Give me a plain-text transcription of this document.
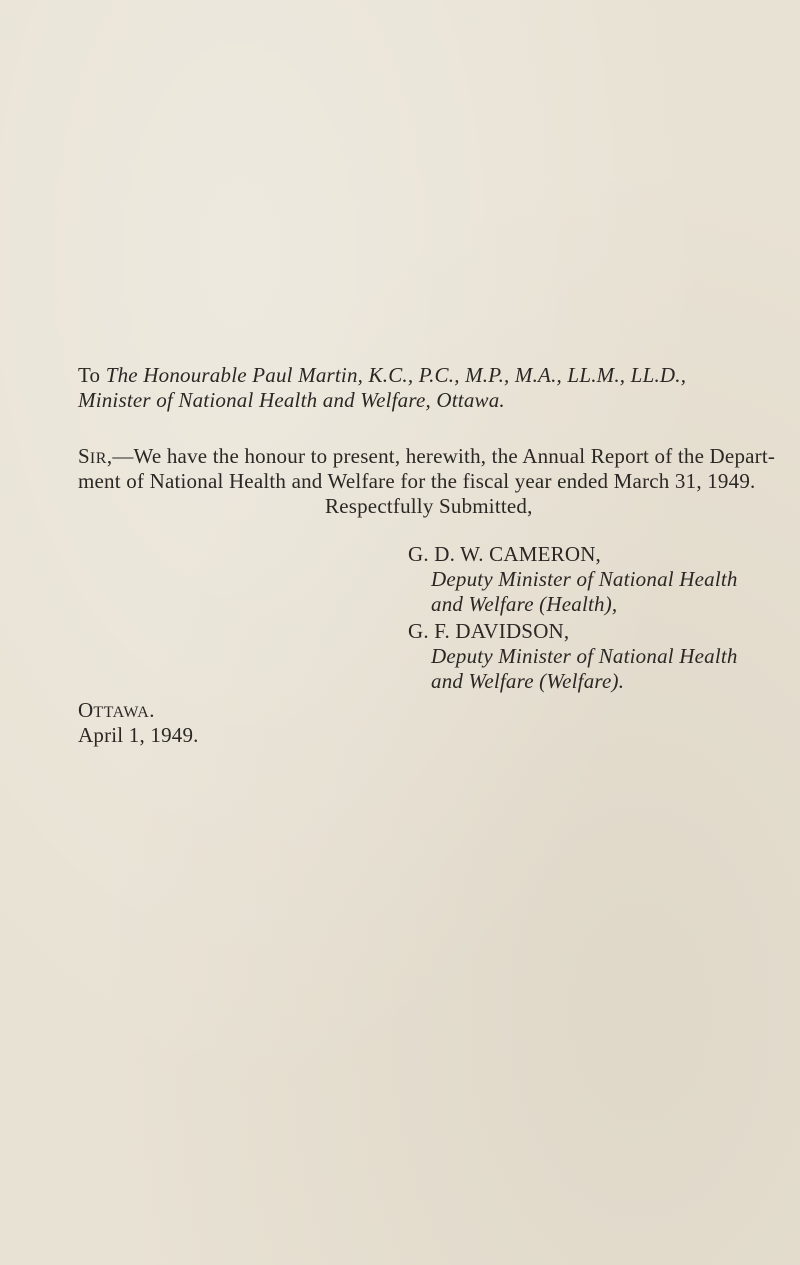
To The Honourable Paul Martin, K.C., P.C., M.P., M.A., LL.M., LL.D.,
Minister of National Health and Welfare, Ottawa.
SIR,—We have the honour to present, herewith, the Annual Report of the Depart-
ment of National Health and Welfare for the fiscal year ended March 31, 1949.
Respectfully Submitted,
G. D. W. CAMERON,
Deputy Minister of National Health
and Welfare (Health),
G. F. DAVIDSON,
Deputy Minister of National Health
and Welfare (Welfare).
OTTAWA.
April 1, 1949.
